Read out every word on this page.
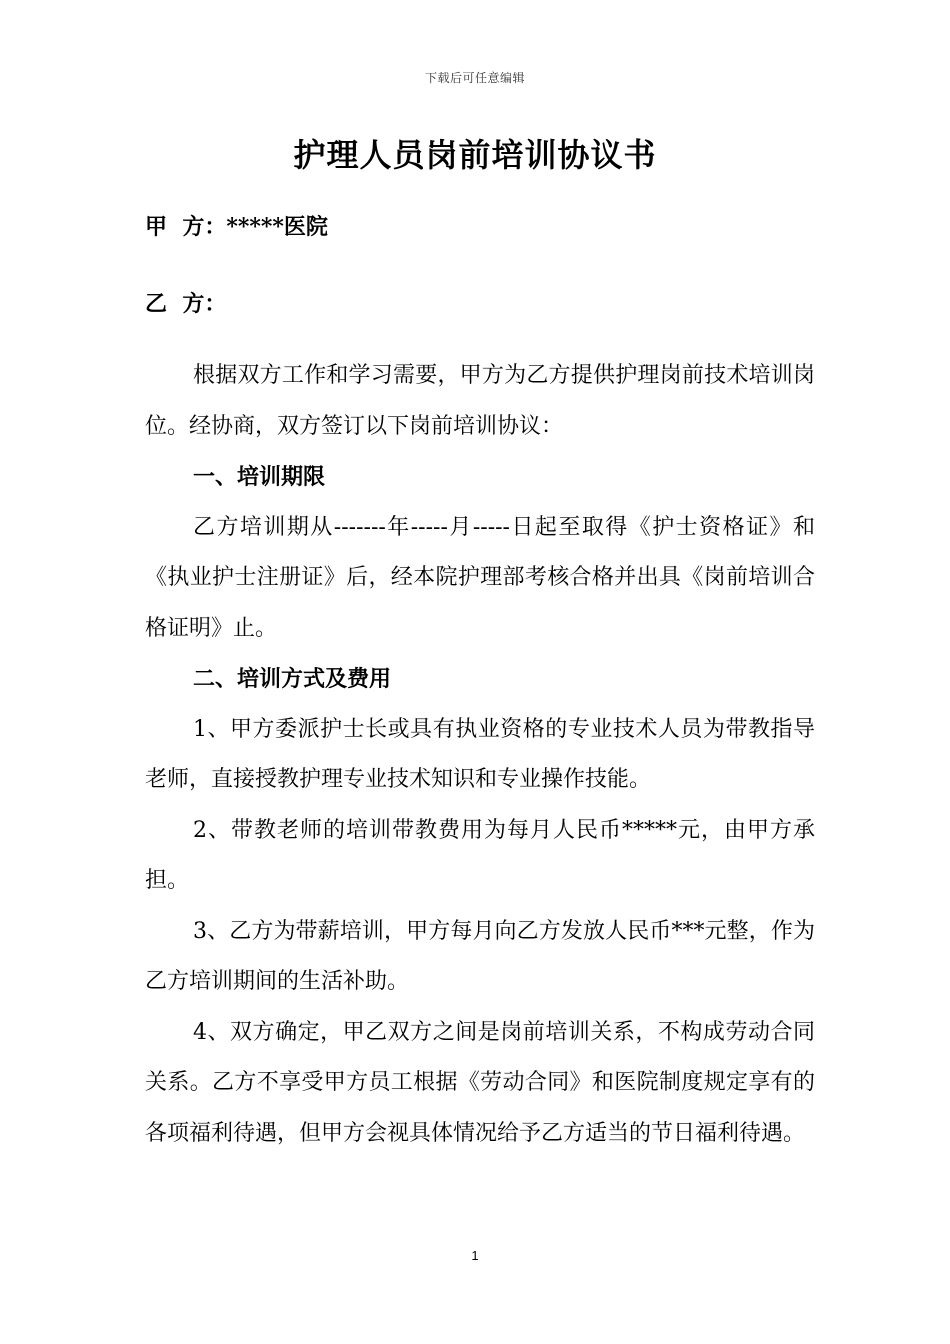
下载后可任意编辑
护理人员岗前培训协议书
甲  方：*****医院
乙  方：

根据双方工作和学习需要，甲方为乙方提供护理岗前技术培训岗位。经协商，双方签订以下岗前培训协议：

一、培训期限

乙方培训期从-------年-----月-----日起至取得《护士资格证》和《执业护士注册证》后，经本院护理部考核合格并出具《岗前培训合格证明》止。

二、培训方式及费用

1、甲方委派护士长或具有执业资格的专业技术人员为带教指导老师，直接授教护理专业技术知识和专业操作技能。

2、带教老师的培训带教费用为每月人民币*****元，由甲方承担。

3、乙方为带薪培训，甲方每月向乙方发放人民币***元整，作为乙方培训期间的生活补助。

4、双方确定，甲乙双方之间是岗前培训关系，不构成劳动合同关系。乙方不享受甲方员工根据《劳动合同》和医院制度规定享有的各项福利待遇，但甲方会视具体情况给予乙方适当的节日福利待遇。

1
